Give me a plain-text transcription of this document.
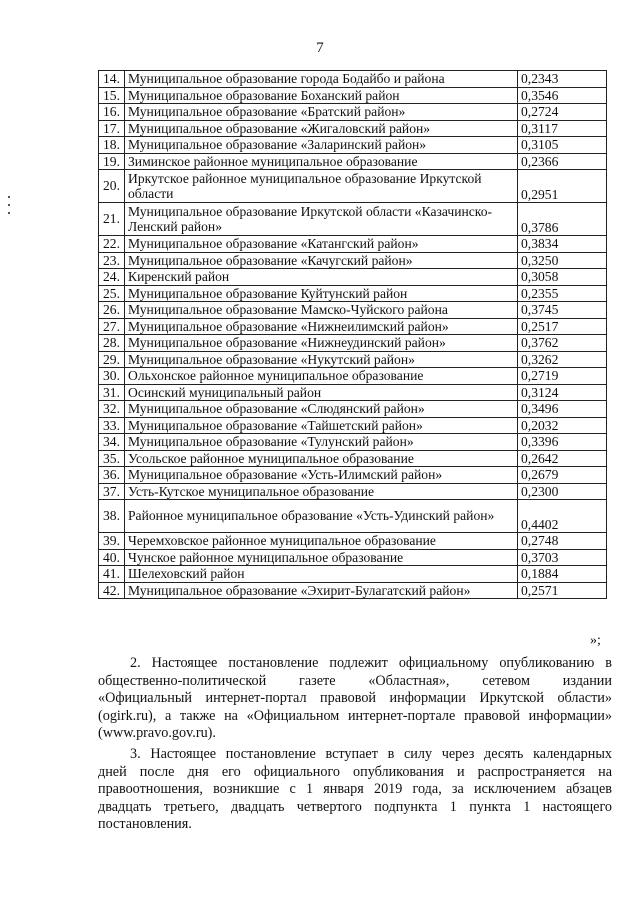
7
14.	Муниципальное образование города Бодайбо и района	0,2343
15.	Муниципальное образование Боханский район	0,3546
16.	Муниципальное образование «Братский район»	0,2724
17.	Муниципальное образование «Жигаловский район»	0,3117
18.	Муниципальное образование «Заларинский район»	0,3105
19.	Зиминское районное муниципальное образование	0,2366
20.	Иркутское районное муниципальное образование Иркутской области	0,2951
21.	Муниципальное образование Иркутской области «Казачинско-Ленский район»	0,3786
22.	Муниципальное образование «Катангский район»	0,3834
23.	Муниципальное образование «Качугский район»	0,3250
24.	Киренский район	0,3058
25.	Муниципальное образование Куйтунский район	0,2355
26.	Муниципальное образование Мамско-Чуйского района	0,3745
27.	Муниципальное образование «Нижнеилимский район»	0,2517
28.	Муниципальное образование «Нижнеудинский район»	0,3762
29.	Муниципальное образование «Нукутский район»	0,3262
30.	Ольхонское районное муниципальное образование	0,2719
31.	Осинский муниципальный район	0,3124
32.	Муниципальное образование «Слюдянский район»	0,3496
33.	Муниципальное образование «Тайшетский район»	0,2032
34.	Муниципальное образование «Тулунский район»	0,3396
35.	Усольское районное муниципальное образование	0,2642
36.	Муниципальное образование «Усть-Илимский район»	0,2679
37.	Усть-Кутское муниципальное образование	0,2300
38.	Районное муниципальное образование «Усть-Удинский район»	0,4402
39.	Черемховское районное муниципальное образование	0,2748
40.	Чунское районное муниципальное образование	0,3703
41.	Шелеховский район	0,1884
42.	Муниципальное образование «Эхирит-Булагатский район»	0,2571
»;
2. Настоящее постановление подлежит официальному опубликованию в
общественно-политической газете «Областная», сетевом издании
«Официальный интернет-портал правовой информации Иркутской области»
(ogirk.ru), а также на «Официальном интернет-портале правовой информации»
(www.pravo.gov.ru).
3. Настоящее постановление вступает в силу через десять календарных
дней после дня его официального опубликования и распространяется на
правоотношения, возникшие с 1 января 2019 года, за исключением абзацев
двадцать третьего, двадцать четвертого подпункта 1 пункта 1 настоящего
постановления.
